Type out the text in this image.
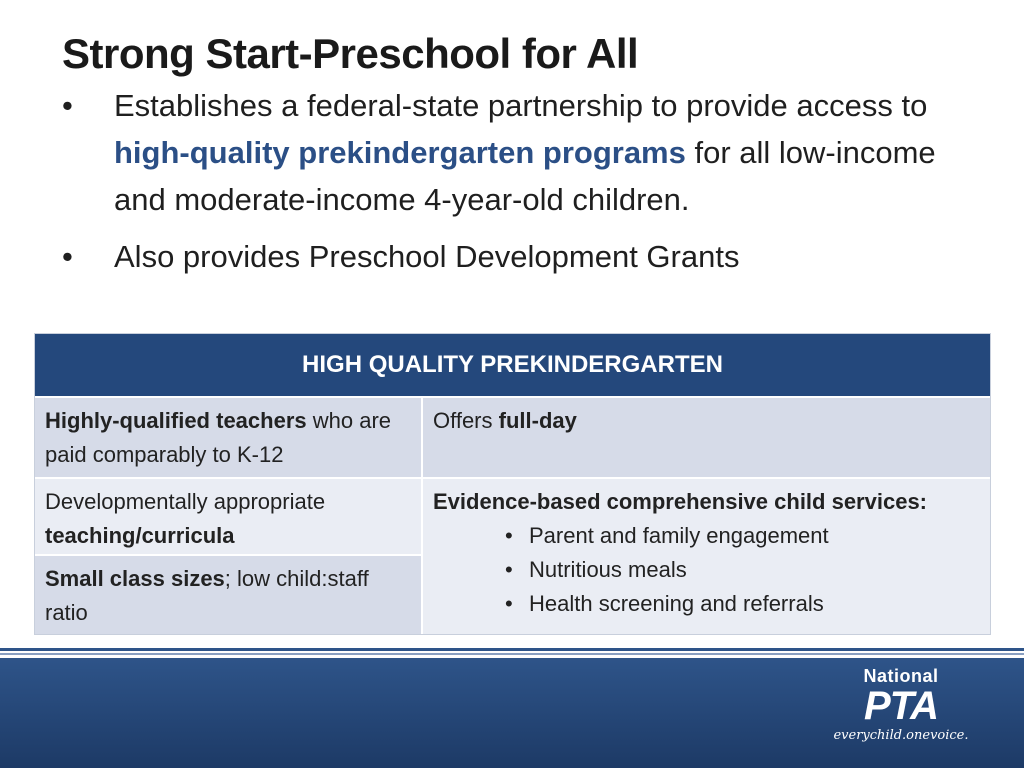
Strong Start-Preschool for All
•	Establishes a federal-state partnership to provide access to high-quality prekindergarten programs for all low-income and moderate-income 4-year-old children.
•	Also provides Preschool Development Grants
HIGH QUALITY PREKINDERGARTEN
Highly-qualified teachers who are paid comparably to K-12
Offers full-day
Developmentally appropriate teaching/curricula
Small class sizes; low child:staff ratio
Evidence-based comprehensive child services:
• Parent and family engagement
• Nutritious meals
• Health screening and referrals
National
PTA
everychild.onevoice.
